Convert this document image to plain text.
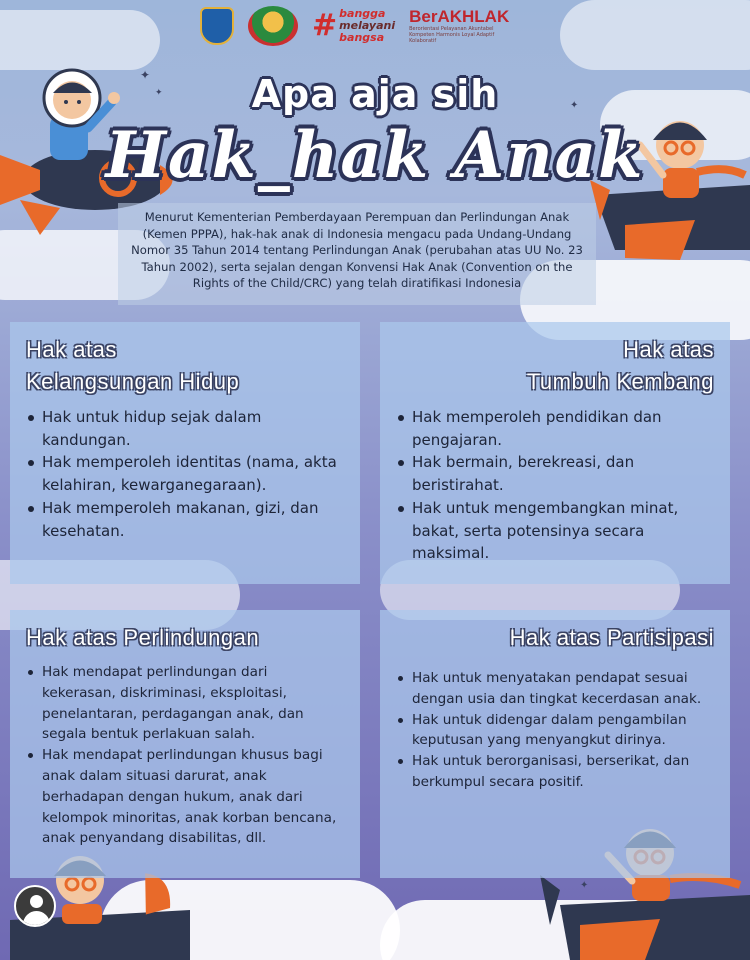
✦
✦
✦
✦
# bangga
melayani
bangsa
BerAKHLAK
Berorientasi Pelayanan Akuntabel Kompeten Harmonis Loyal Adaptif Kolaboratif
Apa aja sih
Hak_hak Anak
Menurut Kementerian Pemberdayaan Perempuan dan Perlindungan Anak (Kemen PPPA), hak-hak anak di Indonesia mengacu pada Undang-Undang Nomor 35 Tahun 2014 tentang Perlindungan Anak (perubahan atas UU No. 23 Tahun 2002), serta sejalan dengan Konvensi Hak Anak (Convention on the Rights of the Child/CRC) yang telah diratifikasi Indonesia
Hak atas
Kelangsungan Hidup
Hak untuk hidup sejak dalam kandungan.
Hak memperoleh identitas (nama, akta kelahiran, kewarganegaraan).
Hak memperoleh makanan, gizi, dan kesehatan.
Hak atas
Tumbuh Kembang
Hak memperoleh pendidikan dan pengajaran.
Hak bermain, berekreasi, dan beristirahat.
Hak untuk mengembangkan minat, bakat, serta potensinya secara maksimal.
Hak atas Perlindungan
Hak mendapat perlindungan dari kekerasan, diskriminasi, eksploitasi, penelantaran, perdagangan anak, dan segala bentuk perlakuan salah.
Hak mendapat perlindungan khusus bagi anak dalam situasi darurat, anak berhadapan dengan hukum, anak dari kelompok minoritas, anak korban bencana, anak penyandang disabilitas, dll.
Hak atas Partisipasi
Hak untuk menyatakan pendapat sesuai dengan usia dan tingkat kecerdasan anak.
Hak untuk didengar dalam pengambilan keputusan yang menyangkut dirinya.
Hak untuk berorganisasi, berserikat, dan berkumpul secara positif.
